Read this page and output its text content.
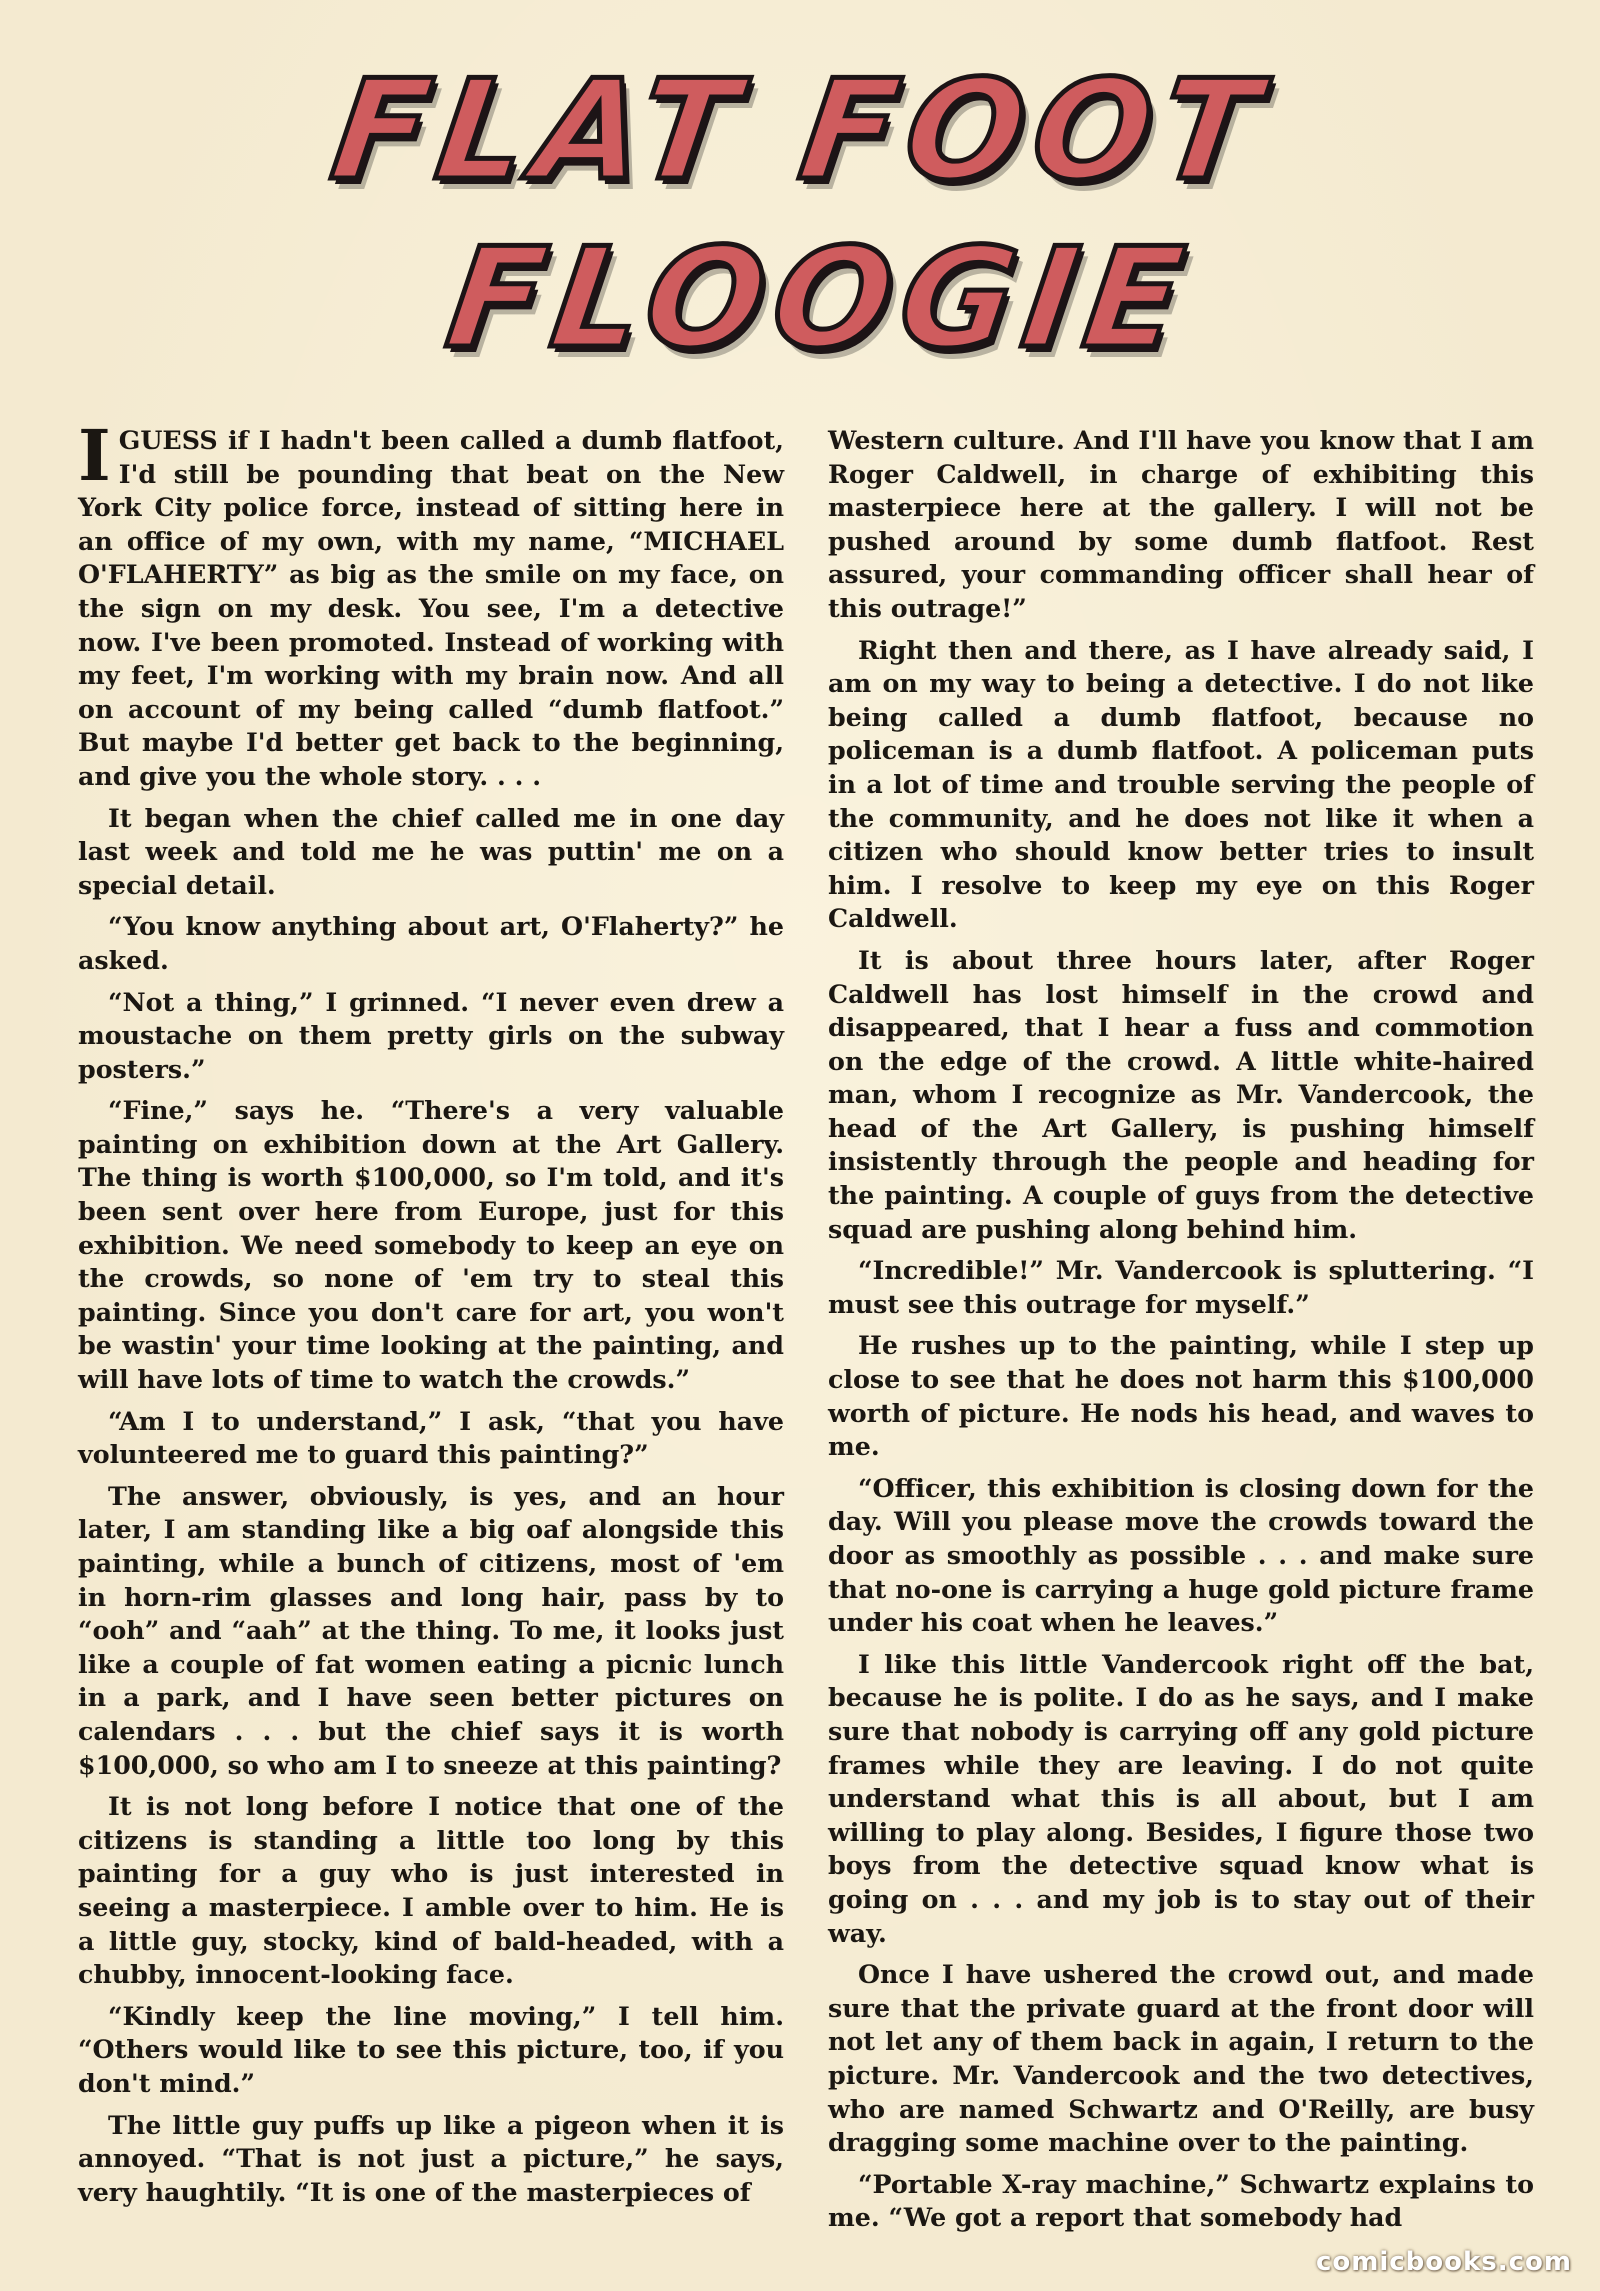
FLAT FOOT
FLOOGIE

IGUESS if I hadn't been called a dumb flatfoot, I'd still be pounding that beat on the New York City police force, instead of sitting here in an office of my own, with my name, “MICHAEL O'FLAHERTY” as big as the smile on my face, on the sign on my desk. You see, I'm a detective now. I've been promoted. Instead of working with my feet, I'm working with my brain now. And all on account of my being called “dumb flatfoot.” But maybe I'd better get back to the beginning, and give you the whole story. . . .

It began when the chief called me in one day last week and told me he was puttin' me on a special detail.

“You know anything about art, O'Flaherty?” he asked.

“Not a thing,” I grinned. “I never even drew a moustache on them pretty girls on the subway posters.”

“Fine,” says he. “There's a very valuable painting on exhibition down at the Art Gallery. The thing is worth $100,000, so I'm told, and it's been sent over here from Europe, just for this exhibition. We need somebody to keep an eye on the crowds, so none of 'em try to steal this painting. Since you don't care for art, you won't be wastin' your time looking at the painting, and will have lots of time to watch the crowds.”

“Am I to understand,” I ask, “that you have volunteered me to guard this painting?”

The answer, obviously, is yes, and an hour later, I am standing like a big oaf alongside this painting, while a bunch of citizens, most of 'em in horn-rim glasses and long hair, pass by to “ooh” and “aah” at the thing. To me, it looks just like a couple of fat women eating a picnic lunch in a park, and I have seen better pictures on calendars . . . but the chief says it is worth $100,000, so who am I to sneeze at this painting?

It is not long before I notice that one of the citizens is standing a little too long by this painting for a guy who is just interested in seeing a masterpiece. I amble over to him. He is a little guy, stocky, kind of bald-headed, with a chubby, innocent-looking face.

“Kindly keep the line moving,” I tell him. “Others would like to see this picture, too, if you don't mind.”

The little guy puffs up like a pigeon when it is annoyed. “That is not just a picture,” he says, very haughtily. “It is one of the masterpieces of

Western culture. And I'll have you know that I am Roger Caldwell, in charge of exhibiting this masterpiece here at the gallery. I will not be pushed around by some dumb flatfoot. Rest assured, your commanding officer shall hear of this outrage!”

Right then and there, as I have already said, I am on my way to being a detective. I do not like being called a dumb flatfoot, because no policeman is a dumb flatfoot. A policeman puts in a lot of time and trouble serving the people of the community, and he does not like it when a citizen who should know better tries to insult him. I resolve to keep my eye on this Roger Caldwell.

It is about three hours later, after Roger Caldwell has lost himself in the crowd and disappeared, that I hear a fuss and commotion on the edge of the crowd. A little white-haired man, whom I recognize as Mr. Vandercook, the head of the Art Gallery, is pushing himself insistently through the people and heading for the painting. A couple of guys from the detective squad are pushing along behind him.

“Incredible!” Mr. Vandercook is spluttering. “I must see this outrage for myself.”

He rushes up to the painting, while I step up close to see that he does not harm this $100,000 worth of picture. He nods his head, and waves to me.

“Officer, this exhibition is closing down for the day. Will you please move the crowds toward the door as smoothly as possible . . . and make sure that no-one is carrying a huge gold picture frame under his coat when he leaves.”

I like this little Vandercook right off the bat, because he is polite. I do as he says, and I make sure that nobody is carrying off any gold picture frames while they are leaving. I do not quite understand what this is all about, but I am willing to play along. Besides, I figure those two boys from the detective squad know what is going on . . . and my job is to stay out of their way.

Once I have ushered the crowd out, and made sure that the private guard at the front door will not let any of them back in again, I return to the picture. Mr. Vandercook and the two detectives, who are named Schwartz and O'Reilly, are busy dragging some machine over to the painting.

“Portable X-ray machine,” Schwartz explains to me. “We got a report that somebody had

comicbooks.com
